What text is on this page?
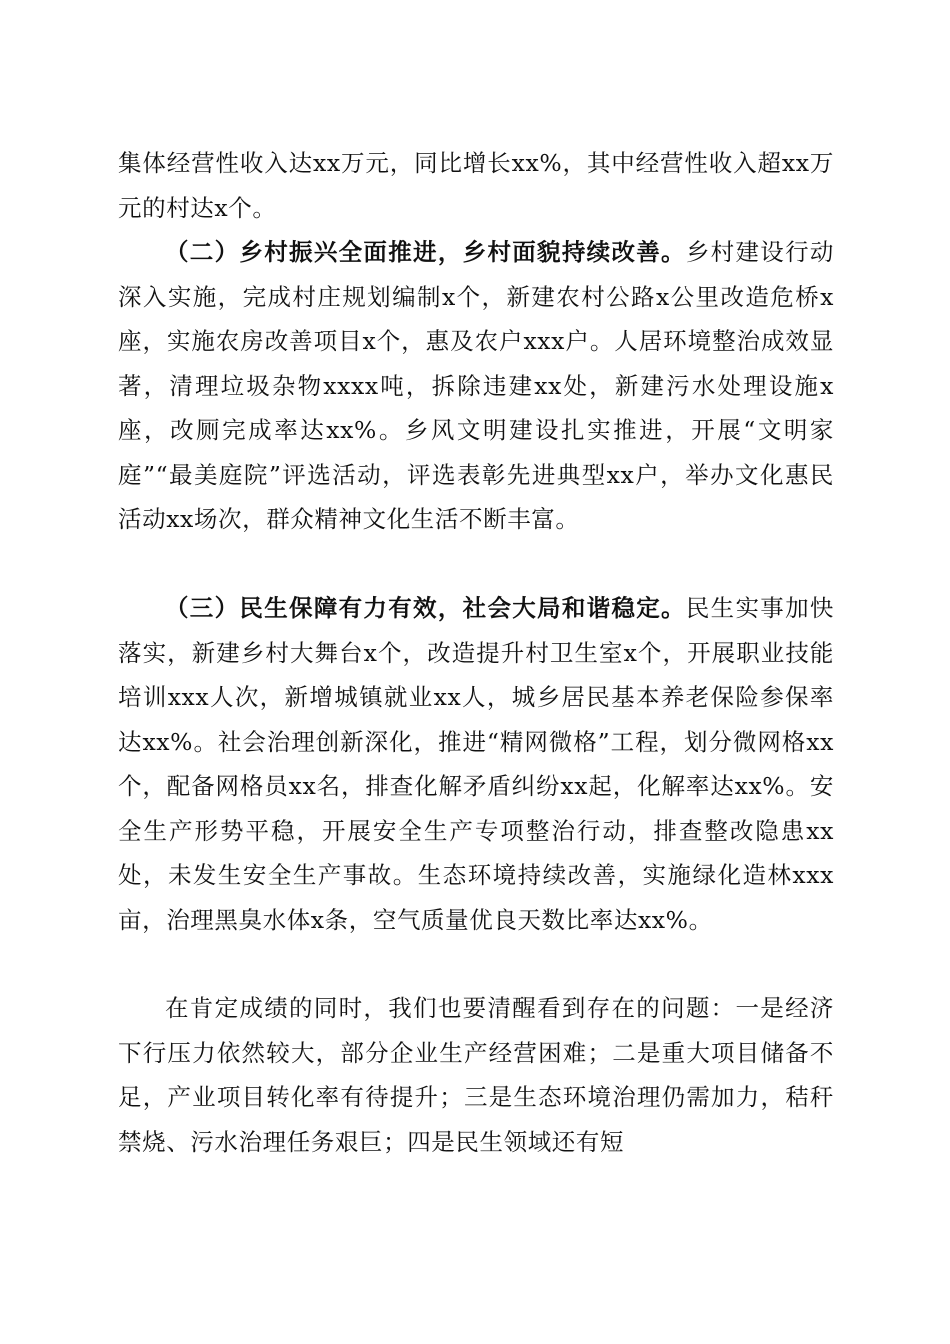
集体经营性收入达xx万元，同比增长xx%，其中经营性收入超xx万元的村达x个。

（二）乡村振兴全面推进，乡村面貌持续改善。乡村建设行动深入实施，完成村庄规划编制x个，新建农村公路x公里改造危桥x座，实施农房改善项目x个，惠及农户xxx户。人居环境整治成效显著，清理垃圾杂物xxxx吨，拆除违建xx处，新建污水处理设施x座，改厕完成率达xx%。乡风文明建设扎实推进，开展“文明家庭”“最美庭院”评选活动，评选表彰先进典型xx户，举办文化惠民活动xx场次，群众精神文化生活不断丰富。

（三）民生保障有力有效，社会大局和谐稳定。民生实事加快落实，新建乡村大舞台x个，改造提升村卫生室x个，开展职业技能培训xxx人次，新增城镇就业xx人，城乡居民基本养老保险参保率达xx%。社会治理创新深化，推进“精网微格”工程，划分微网格xx个，配备网格员xx名，排查化解矛盾纠纷xx起，化解率达xx%。安全生产形势平稳，开展安全生产专项整治行动，排查整改隐患xx处，未发生安全生产事故。生态环境持续改善，实施绿化造林xxx亩，治理黑臭水体x条，空气质量优良天数比率达xx%。

在肯定成绩的同时，我们也要清醒看到存在的问题：一是经济下行压力依然较大，部分企业生产经营困难；二是重大项目储备不足，产业项目转化率有待提升；三是生态环境治理仍需加力，秸秆禁烧、污水治理任务艰巨；四是民生领域还有短
